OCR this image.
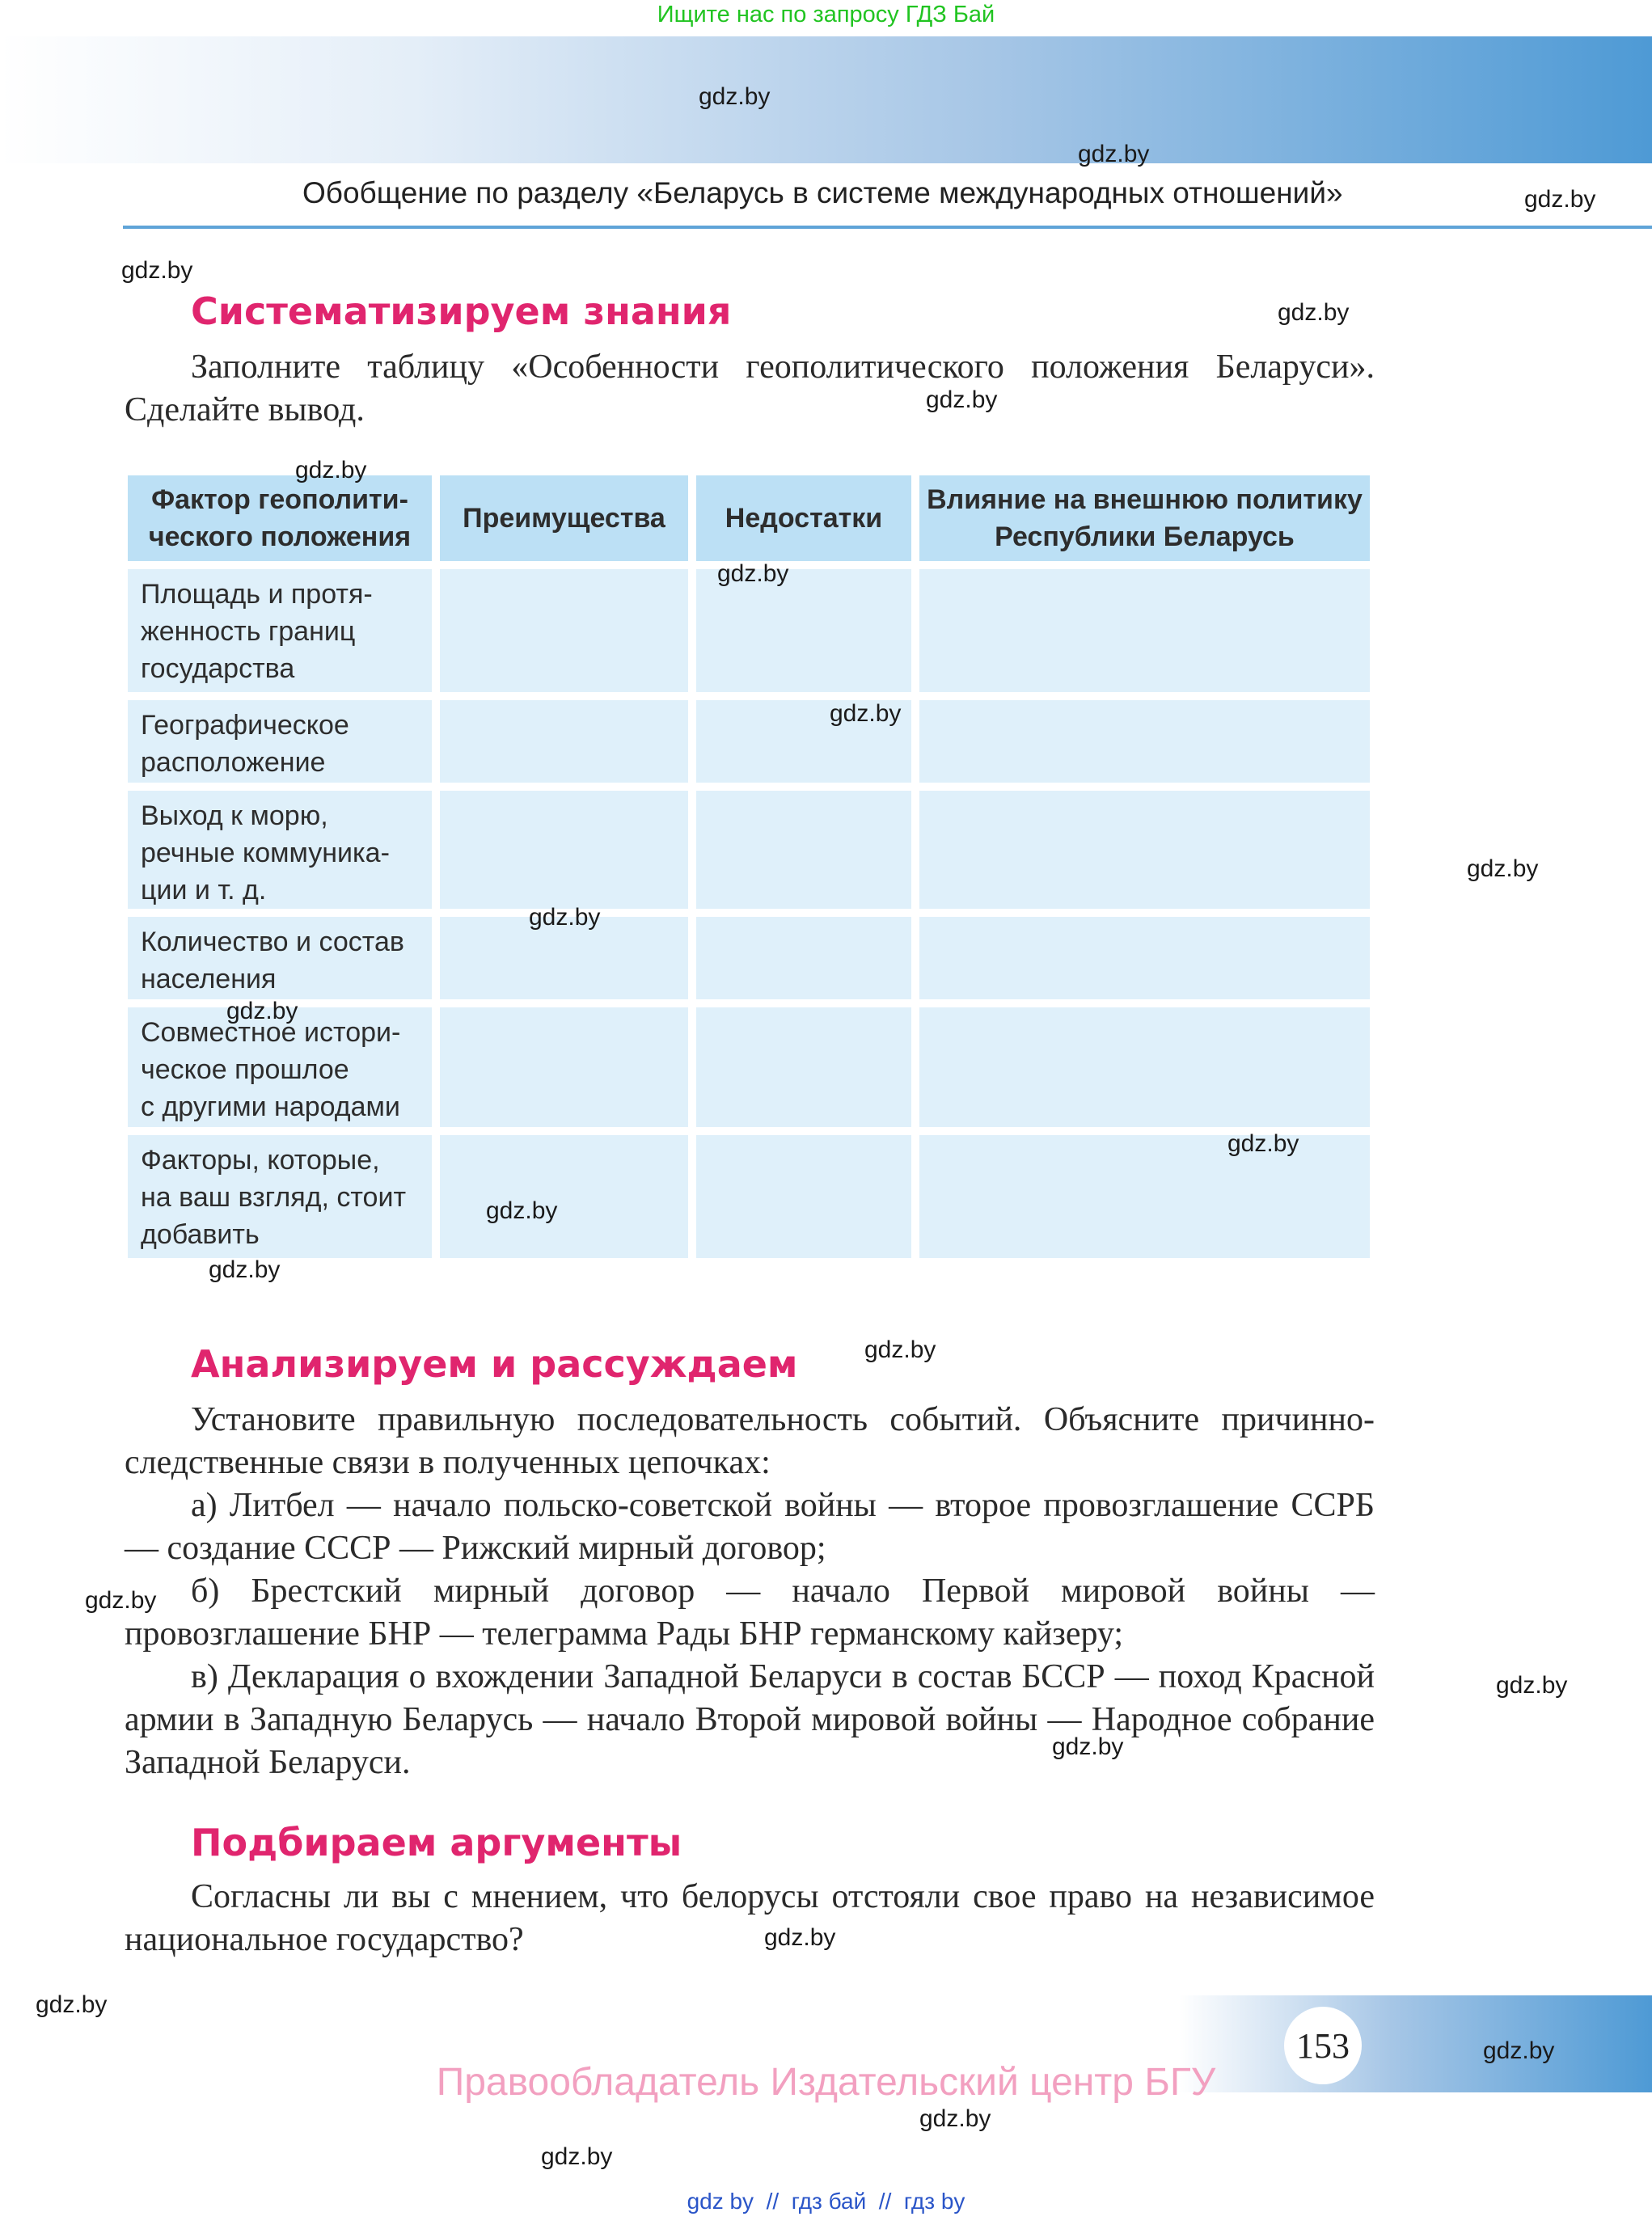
Ищите нас по запросу ГДЗ Бай
Обобщение по разделу «Беларусь в системе международных отношений»
Систематизируем знания

Заполните таблицу «Особенности геополитического положения Беларуси». Сделайте вывод.

Фактор геополити-
ческого положения
Преимущества Недостатки
Влияние на внешнюю политику
Республики Беларусь
Площадь и протя-
женность границ
государства
Географическое
расположение
Выход к морю,
речные коммуника-
ции и т. д.
Количество и состав
населения
Совместное истори-
ческое прошлое
с другими народами
Факторы, которые,
на ваш взгляд, стоит
добавить
Анализируем и рассуждаем

Установите правильную последовательность событий. Объясните причинно-следственные связи в полученных цепочках:

а) Литбел — начало польско-советской войны — второе провозглашение ССРБ — создание СССР — Рижский мирный договор;

б) Брестский мирный договор — начало Первой мировой войны — провозглашение БНР — телеграмма Рады БНР германскому кайзеру;

в) Декларация о вхождении Западной Беларуси в состав БССР — поход Красной армии в Западную Беларусь — начало Второй мировой войны — Народное собрание Западной Беларуси.

Подбираем аргументы

Согласны ли вы с мнением, что белорусы отстояли свое право на независимое национальное государство?

153
Правообладатель Издательский центр БГУ
gdz by  //  гдз бай  //  гдз by
gdz.by
gdz.by
gdz.by
gdz.by
gdz.by
gdz.by
gdz.by
gdz.by
gdz.by
gdz.by
gdz.by
gdz.by
gdz.by
gdz.by
gdz.by
gdz.by
gdz.by
gdz.by
gdz.by
gdz.by
gdz.by
gdz.by
gdz.by
gdz.by
